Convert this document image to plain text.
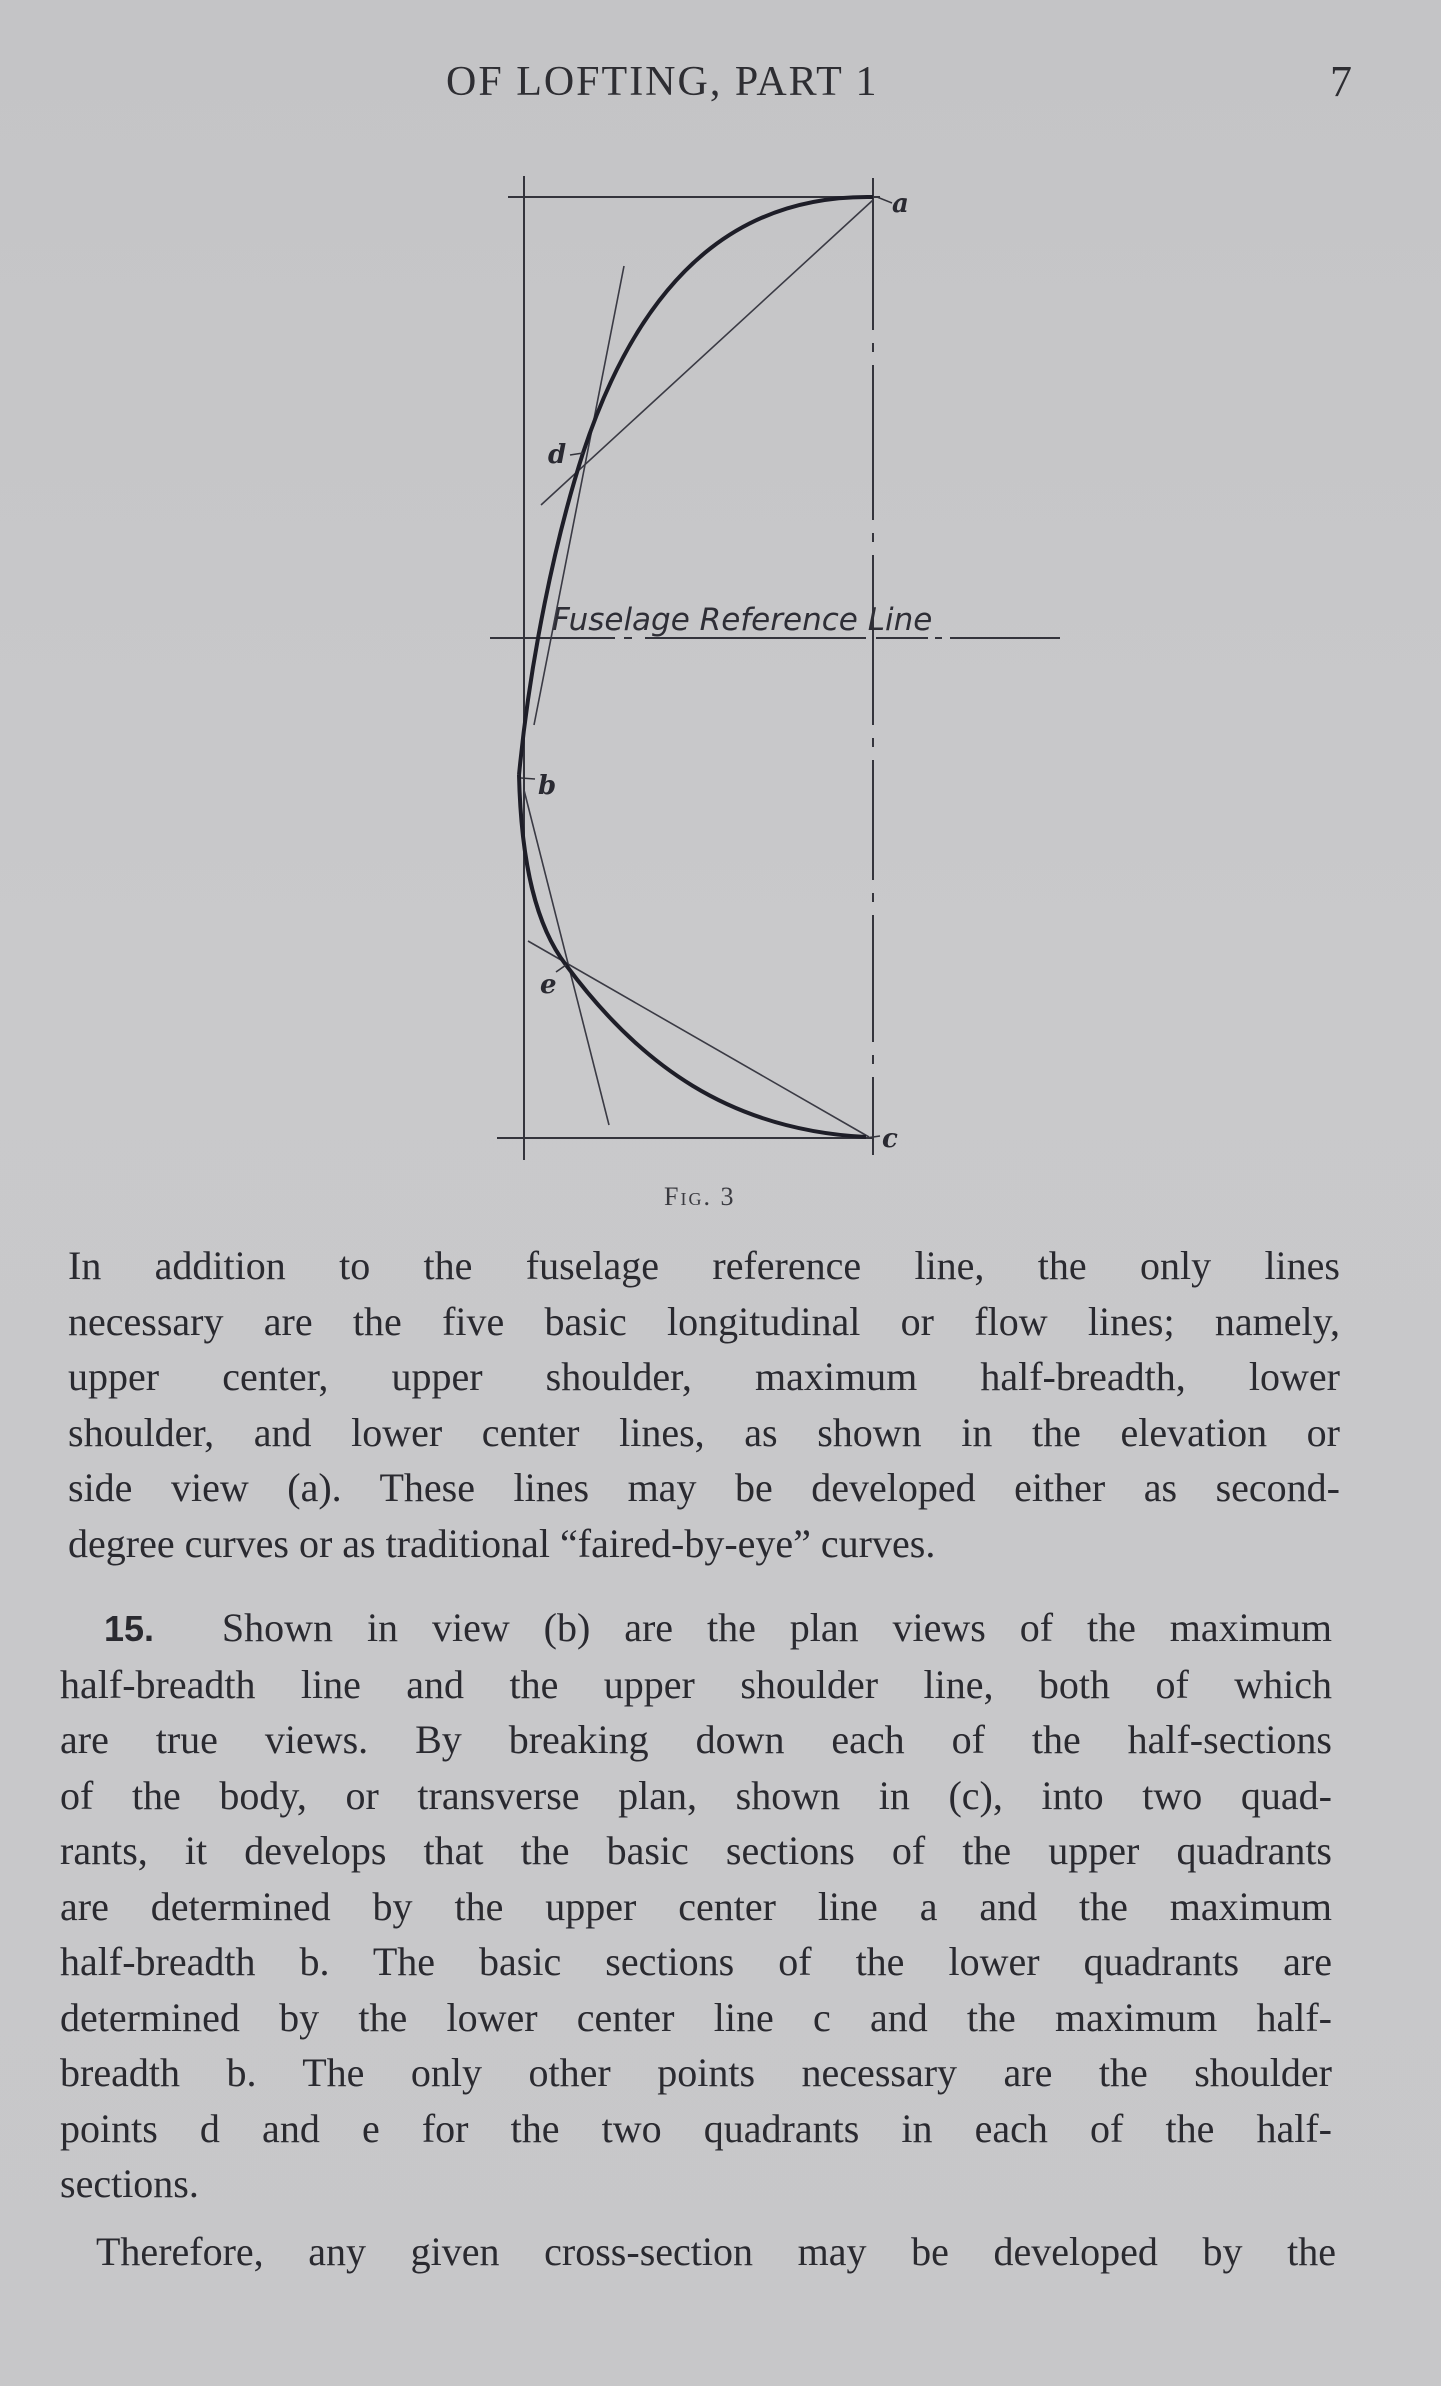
OF LOFTING, PART 1	7
Fuselage Reference Line
a
d
b
e
c
Fig. 3
In addition to the fuselage reference line, the only lines
necessary are the five basic longitudinal or flow lines; namely,
upper center, upper shoulder, maximum half-breadth, lower
shoulder, and lower center lines, as shown in the elevation or
side view (a). These lines may be developed either as second-
degree curves or as traditional “faired-by-eye” curves.
15. Shown in view (b) are the plan views of the maximum
half-breadth line and the upper shoulder line, both of which
are true views. By breaking down each of the half-sections
of the body, or transverse plan, shown in (c), into two quad-
rants, it develops that the basic sections of the upper quadrants
are determined by the upper center line a and the maximum
half-breadth b. The basic sections of the lower quadrants are
determined by the lower center line c and the maximum half-
breadth b. The only other points necessary are the shoulder
points d and e for the two quadrants in each of the half-
sections.
Therefore, any given cross-section may be developed by the
